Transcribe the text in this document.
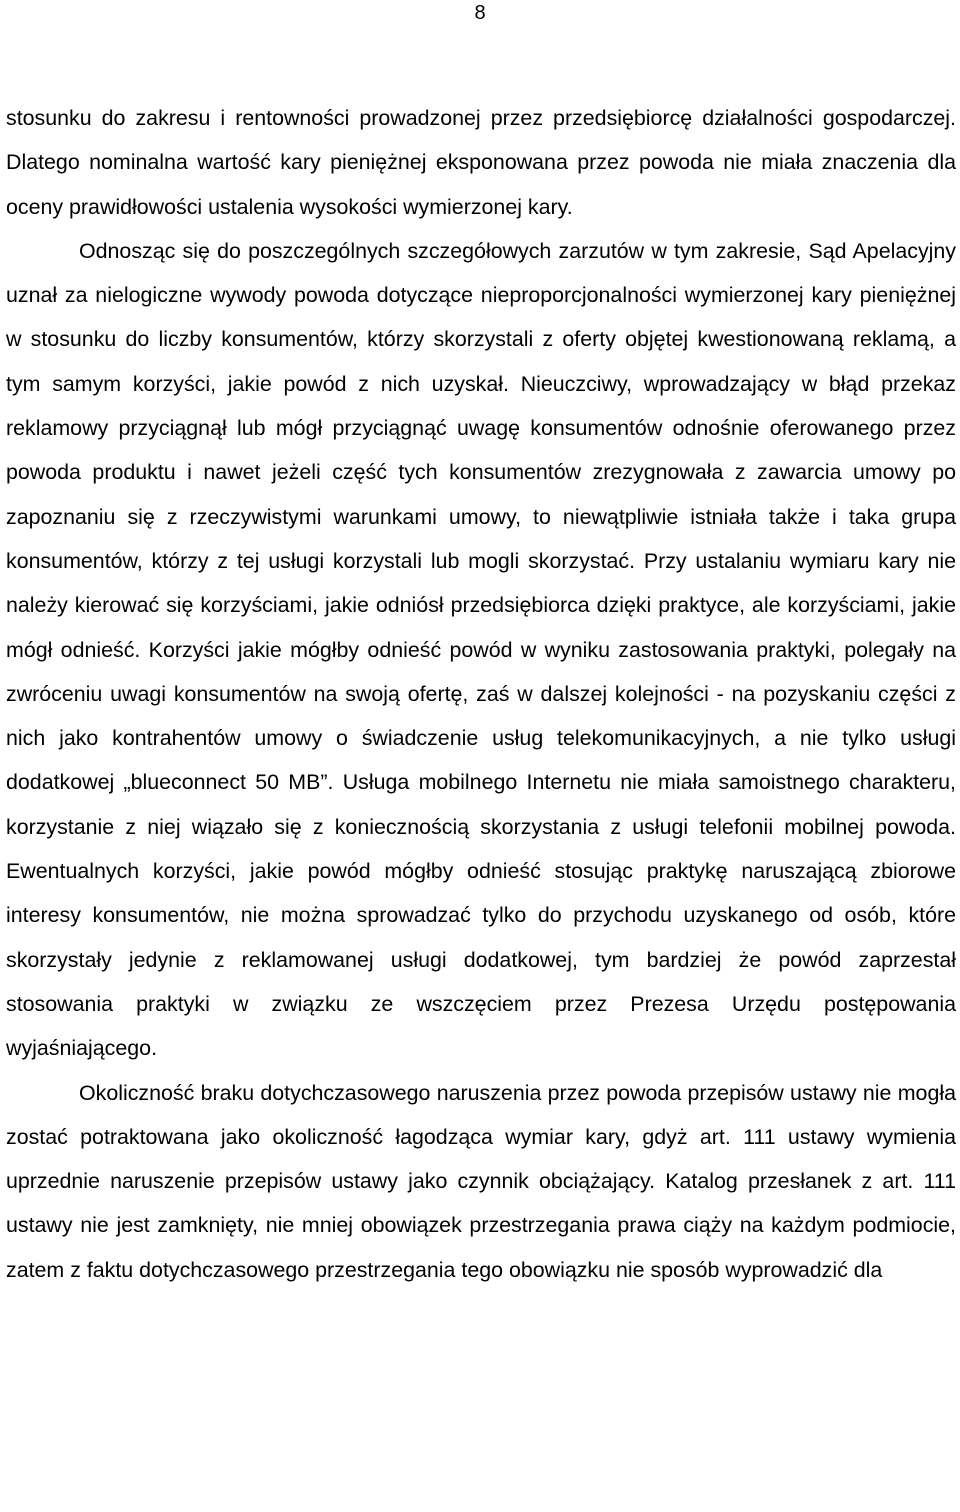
8

stosunku do zakresu i rentowności prowadzonej przez przedsiębiorcę działalności gospodarczej. Dlatego nominalna wartość kary pieniężnej eksponowana przez powoda nie miała znaczenia dla oceny prawidłowości ustalenia wysokości wymierzonej kary.

Odnosząc się do poszczególnych szczegółowych zarzutów w tym zakresie, Sąd Apelacyjny uznał za nielogiczne wywody powoda dotyczące nieproporcjonalności wymierzonej kary pieniężnej w stosunku do liczby konsumentów, którzy skorzystali z oferty objętej kwestionowaną reklamą, a tym samym korzyści, jakie powód z nich uzyskał. Nieuczciwy, wprowadzający w błąd przekaz reklamowy przyciągnął lub mógł przyciągnąć uwagę konsumentów odnośnie oferowanego przez powoda produktu i nawet jeżeli część tych konsumentów zrezygnowała z zawarcia umowy po zapoznaniu się z rzeczywistymi warunkami umowy, to niewątpliwie istniała także i taka grupa konsumentów, którzy z tej usługi korzystali lub mogli skorzystać. Przy ustalaniu wymiaru kary nie należy kierować się korzyściami, jakie odniósł przedsiębiorca dzięki praktyce, ale korzyściami, jakie mógł odnieść. Korzyści jakie mógłby odnieść powód w wyniku zastosowania praktyki, polegały na zwróceniu uwagi konsumentów na swoją ofertę, zaś w dalszej kolejności - na pozyskaniu części z nich jako kontrahentów umowy o świadczenie usług telekomunikacyjnych, a nie tylko usługi dodatkowej „blueconnect 50 MB”. Usługa mobilnego Internetu nie miała samoistnego charakteru, korzystanie z niej wiązało się z koniecznością skorzystania z usługi telefonii mobilnej powoda. Ewentualnych korzyści, jakie powód mógłby odnieść stosując praktykę naruszającą zbiorowe interesy konsumentów, nie można sprowadzać tylko do przychodu uzyskanego od osób, które skorzystały jedynie z reklamowanej usługi dodatkowej, tym bardziej że powód zaprzestał stosowania praktyki w związku ze wszczęciem przez Prezesa Urzędu postępowania wyjaśniającego.

Okoliczność braku dotychczasowego naruszenia przez powoda przepisów ustawy nie mogła zostać potraktowana jako okoliczność łagodząca wymiar kary, gdyż art. 111 ustawy wymienia uprzednie naruszenie przepisów ustawy jako czynnik obciążający. Katalog przesłanek z art. 111 ustawy nie jest zamknięty, nie mniej obowiązek przestrzegania prawa ciąży na każdym podmiocie, zatem z faktu dotychczasowego przestrzegania tego obowiązku nie sposób wyprowadzić dla
